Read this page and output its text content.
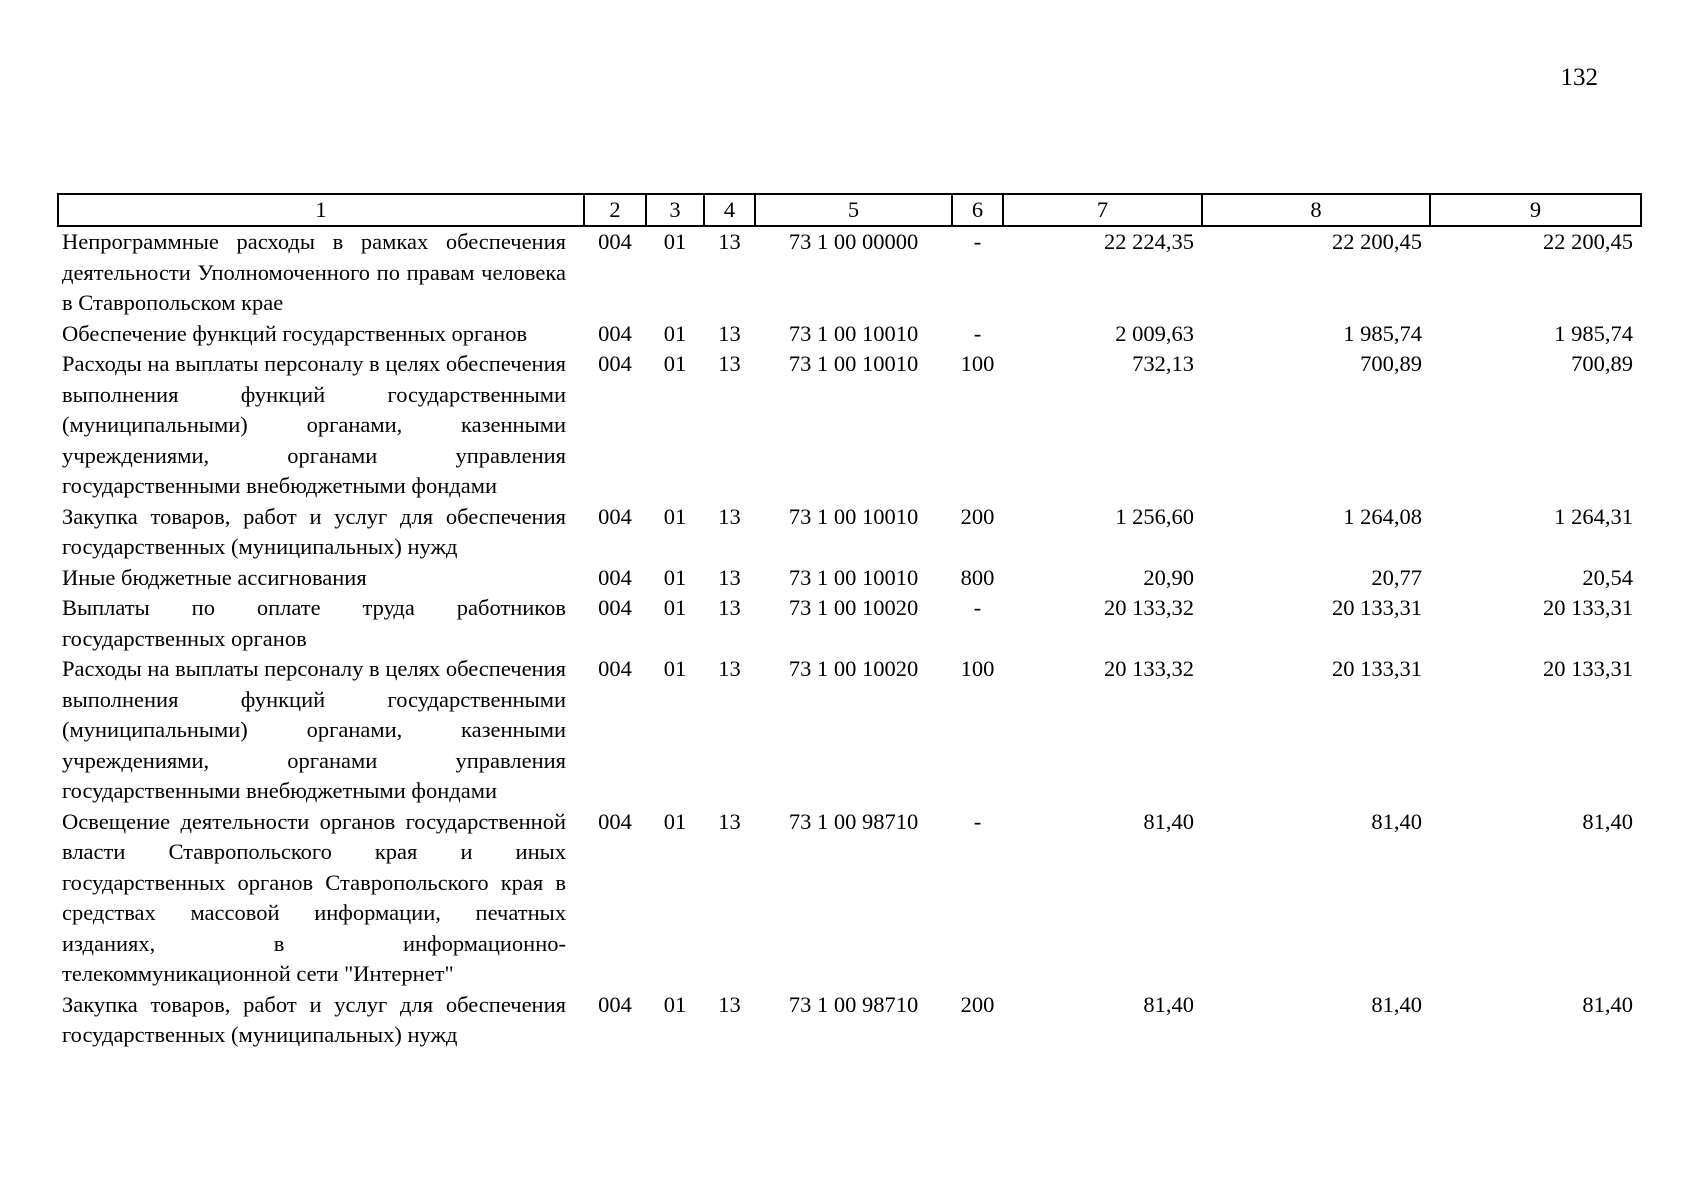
132
1	2	3	4	5	6	7	8	9
Непрограммные расходы в рамках обеспечения деятельности Уполномоченного по правам человека в Ставропольском крае	004	01	13	73 1 00 00000	-	22 224,35	22 200,45	22 200,45
Обеспечение функций государственных органов	004	01	13	73 1 00 10010	-	2 009,63	1 985,74	1 985,74
Расходы на выплаты персоналу в целях обеспечения выполнения функций государственными (муниципальными) органами, казенными учреждениями, органами управления государственными внебюджетными фондами	004	01	13	73 1 00 10010	100	732,13	700,89	700,89
Закупка товаров, работ и услуг для обеспечения государственных (муниципальных) нужд	004	01	13	73 1 00 10010	200	1 256,60	1 264,08	1 264,31
Иные бюджетные ассигнования	004	01	13	73 1 00 10010	800	20,90	20,77	20,54
Выплаты по оплате труда работников государственных органов	004	01	13	73 1 00 10020	-	20 133,32	20 133,31	20 133,31
Расходы на выплаты персоналу в целях обеспечения выполнения функций государственными (муниципальными) органами, казенными учреждениями, органами управления государственными внебюджетными фондами	004	01	13	73 1 00 10020	100	20 133,32	20 133,31	20 133,31
Освещение деятельности органов государственной власти Ставропольского края и иных государственных органов Ставропольского края в средствах массовой информации, печатных изданиях, в информационно-телекоммуникационной сети "Интернет"	004	01	13	73 1 00 98710	-	81,40	81,40	81,40
Закупка товаров, работ и услуг для обеспечения государственных (муниципальных) нужд	004	01	13	73 1 00 98710	200	81,40	81,40	81,40
